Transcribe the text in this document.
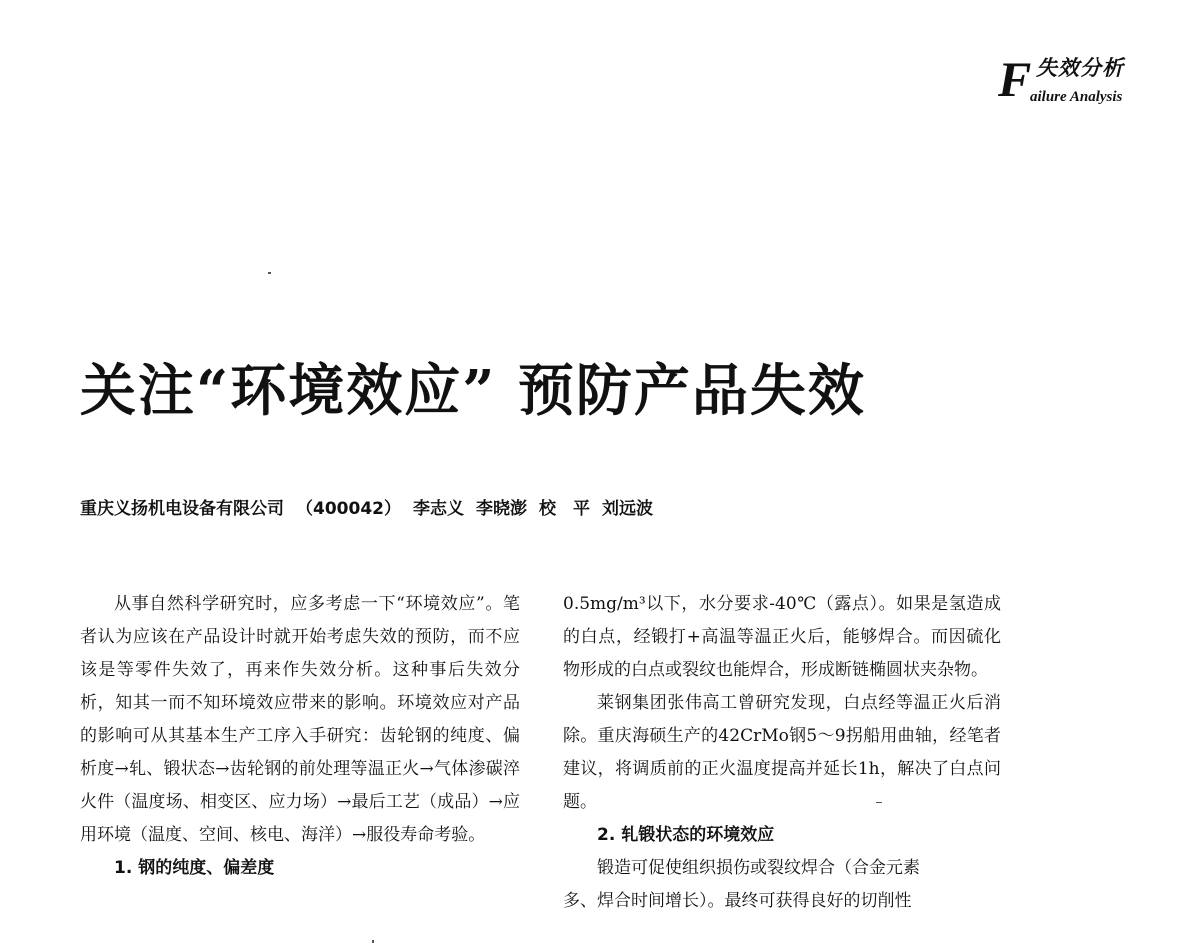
F 失效分析
ailure Analysis
关注“环境效应” 预防产品失效
重庆义扬机电设备有限公司 （400042） 李志义 李晓澎 校　平 刘远波

从事自然科学研究时，应多考虑一下“环境效应”。笔者认为应该在产品设计时就开始考虑失效的预防，而不应该是等零件失效了，再来作失效分析。这种事后失效分析，知其一而不知环境效应带来的影响。环境效应对产品的影响可从其基本生产工序入手研究：齿轮钢的纯度、偏析度→轧、锻状态→齿轮钢的前处理等温正火→气体渗碳淬火件（温度场、相变区、应力场）→最后工艺（成品）→应用环境（温度、空间、核电、海洋）→服役寿命考验。

1. 钢的纯度、偏差度

0.5mg/m³以下，水分要求-40℃（露点）。如果是氢造成的白点，经锻打+高温等温正火后，能够焊合。而因硫化物形成的白点或裂纹也能焊合，形成断链椭圆状夹杂物。

莱钢集团张伟高工曾研究发现，白点经等温正火后消除。重庆海硕生产的42CrMo钢5～9拐船用曲轴，经笔者建议，将调质前的正火温度提高并延长1h，解决了白点问题。

2. 轧锻状态的环境效应

锻造可促使组织损伤或裂纹焊合（合金元素

多、焊合时间增长）。最终可获得良好的切削性
